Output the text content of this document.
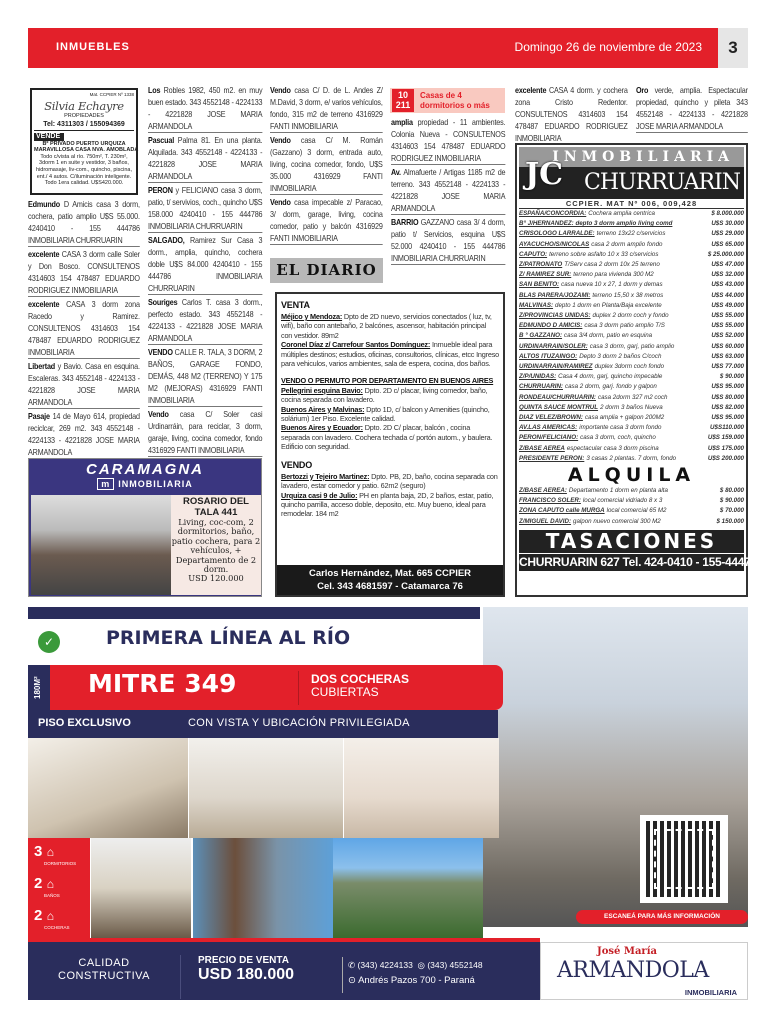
INMUEBLES	Domingo 26 de noviembre de 2023	3
Mat. CCPIER Nº 1338
Silvia Echayre
PROPIEDADES
Tel: 4311303 / 155094369
VENDE
Bº PRIVADO PUERTO URQUIZA
MARAVILLOSA CASA NVA. AMOBLADA
Todo c/vista al río. 750m², T. 230m², 3dorm 1 en suite y vestidor, 3 baños, hidromasaje, liv-com., quincho, piscina, ent./ 4 autos. C/iluminación inteligente. Todo 1era calidad. U$S420.000.
Edmundo D Amicis casa 3 dorm, cochera, patio amplio U$S 55.000. 4240410 - 155 444786 INMOBILIARIA CHURRUARIN
excelente CASA 3 dorm calle Soler y Don Bosco. CONSULTENOS 4314603 154 478487 EDUARDO RODRIGUEZ INMOBILIARIA
excelente CASA 3 dorm zona Racedo y Ramirez. CONSULTENOS 4314603 154 478487 EDUARDO RODRIGUEZ INMOBILIARIA
Libertad y Bavio. Casa en esquina. Escaleras. 343 4552148 - 4224133 - 4221828 JOSE MARIA ARMANDOLA
Pasaje 14 de Mayo 614, propiedad reciclcar, 269 m2. 343 4552148 - 4224133 - 4221828 JOSE MARIA ARMANDOLA
Los Robles 1982, 450 m2. en muy buen estado. 343 4552148 - 4224133 - 4221828 JOSE MARIA ARMANDOLA
Pascual Palma 81. En una planta. Alquilada. 343 4552148 - 4224133 - 4221828 JOSE MARIA ARMANDOLA
PERON y FELICIANO casa 3 dorm, patio, t/ servivios, coch., quincho U$S 158.000 4240410 - 155 444786 INMOBILIARIA CHURRUARIN
SALGADO, Ramirez Sur Casa 3 dorm., amplia, quincho, cochera doble U$S 84.000 4240410 - 155 444786 INMOBILIARIA CHURRUARIN
Souriges Carlos T. casa 3 dorm., perfecto estado. 343 4552148 - 4224133 - 4221828 JOSE MARIA ARMANDOLA
VENDO CALLE R. TALA, 3 DORM, 2 BAÑOS, GARAGE FONDO, DEMÁS, 448 M2 (TERRENO) Y 175 M2 (MEJORAS) 4316929 FANTI INMOBILIARIA
Vendo casa C/ Soler casi Urdinarráin, para reciclar, 3 dorm, garaje, living, cocina comedor, fondo 4316929 FANTI INMOBILIARIA
Vendo casa C/ D. de L. Andes Z/ M.David, 3 dorm, e/ varios vehículos, fondo, 315 m2 de terreno 4316929 FANTI INMOBILIARIA
Vendo casa C/ M. Román (Gazzano) 3 dorm, entrada auto, living, cocina comedor, fondo, U$S 35.000 4316929 FANTI INMOBILIARIA
Vendo casa impecable z/ Paracao, 3/ dorm, garage, living, cocina comedor, patio y balcón 4316929 FANTI INMOBILIARIA
amplia propiedad - 11 ambientes. Colonia Nueva - CONSULTENOS 4314603 154 478487 EDUARDO RODRIGUEZ INMOBILIARIA
Av. Almafuerte / Artigas 1185 m2 de terreno. 343 4552148 - 4224133 - 4221828 JOSE MARIA ARMANDOLA
BARRIO GAZZANO casa 3/ 4 dorm, patio t/ Servicios, esquina U$S 52.000 4240410 - 155 444786 INMOBILIARIA CHURRUARIN
excelente CASA 4 dorm. y cochera zona Cristo Redentor. CONSULTENOS 4314603 154 478487 EDUARDO RODRIGUEZ INMOBILIARIA
Oro verde, amplia. Espectacular propiedad, quincho y pileta 343 4552148 - 4224133 - 4221828 JOSE MARIA ARMANDOLA
10
211
Casas de 4 dormitorios o más
EL DIARIO
CARAMAGNA
m INMOBILIARIA
ROSARIO DEL TALA 441
Living, coc-com, 2 dormitorios, baño, patio cochera, para 2 vehículos, + Departamento de 2 dorm.
USD 120.000
VENTA
Méjico y Mendoza: Dpto de 2D nuevo, servicios conectados ( luz, tv, wifi), baño con antebaño, 2 balcónes, ascensor, habitación principal con vestidor. 89m2
Coronel Díaz z/ Carrefour Santos Domínguez: Inmueble ideal para múltiples destinos; estudios, oficinas, consultorios, clínicas, etcc Ingreso para vehiculos, varios ambientes, sala de espera, cocina, dos baños.
VENDO O PERMUTO POR DEPARTAMENTO EN BUENOS AIRES
Pellegrini esquina Bavio: Dpto. 2D c/ placar, living comedor, baño, cocina separada con lavadero.
Buenos Aires y Malvinas: Dpto 1D, c/ balcon y Amenities (quincho, solárium) 1er Piso. Excelente calidad.
Buenos Aires y Ecuador: Dpto. 2D C/ placar, balcón , cocina separada con lavadero. Cochera techada c/ portón autom., y baulera. Edificio con seguridad.
VENDO
Bertozzi y Tejeiro Martinez: Dpto. PB, 2D, baño, cocina separada con lavadero, estar comedor y patio. 62m2 (seguro)
Urquiza casi 9 de Julio: PH en planta baja, 2D, 2 baños, estar, patio, quincho parrilla, acceso doble, deposito, etc. Muy bueno, ideal para remodelar. 184 m2
Carlos Hernández, Mat. 665 CCPIER
Cel. 343 4681597 - Catamarca 76
INMOBILIARIA
CHURRUARIN
JC
CCPIER. MAT Nº 006, 009,428
ESPAÑA/CONCORDIA: Cochera amplia centrica	$ 8.000.000
B° J/HERNANDEZ: depto 3 dorm amplio living comd	U$S 30.000
CRISOLOGO LARRALDE: terreno 13x22 c/servicios	U$S 29.000
AYACUCHO/S/NICOLAS casa 2 dorm amplio fondo	U$S 65.000
CAPUTO: terreno sobre asfalto 10 x 33 c/servicios	$ 25.000.000
Z/PATRONATO T/Serv casa 2 dorm 10x 25 terreno	U$S 47.000
Z/ RAMIREZ SUR: terreno para vivienda 300 M2	U$S 32.000
SAN BENITO: casa nueva 10 x 27, 1 dorm y demas	U$S 43.000
BLAS PARERA/JOZAMI: terreno 15,50 x 38 metros	U$S 44.000
MALVINAS: depto 1 dorm en Planta/Baja excelente	U$S 49.000
Z/PROVINCIAS UNIDAS: duplex 2 dorm coch y fondo	U$S 55.000
EDMUNDO D AMICIS: casa 3 dorm patio amplio T/S	U$S 55.000
B ° GAZZANO: casa 3/4 dorm, patio en esquina	U$S 52.000
URDINARRAIN/SOLER: casa 3 dorm, garj, patio amplio	U$S 60.000
ALTOS ITUZAINGO: Depto 3 dorm 2 baños C/coch	U$S 63.000
URDINARRAIN/RAMIREZ duplex 3dorm coch fondo	U$S 77.000
Z/P/UNIDAS: Casa 4 dorm, garj, quincho impecable	$ 90.000
CHURRUARIN: casa 2 dorm, garj. fondo y galpon	U$S 95.000
RONDEAU/CHURRUARIN: casa 2dorm 327 m2 coch	U$S 80.000
QUINTA SAUCE MONTRUL 2 dorm 3 baños Nueva	U$S 82.000
DIAZ VELEZ/BROWN: casa amplia + galpon 200M2	U$S 95.000
AV.LAS AMERICAS: importante casa 3 dorm fondo	U$S110.000
PERON/FELICIANO: casa 3 dorm, coch, quincho	U$S 159.000
Z/BASE AEREA espectacular casa 3 dorm piscina	U$S 175.000
PRESIDENTE PERON: 3 casas 2 plantas. 7 dorm, fondo	U$S 200.000
ALQUILA
Z/BASE AEREA: Departamento 1 dorm en planta alta	$ 80.000
FRANCISCO SOLER: local comercial vidriado 8 x 3	$ 90.000
ZONA CAPUTO calle MURGA local comercial 65 M2	$ 70.000
Z/MIGUEL DAVID: galpon nuevo comercial 300 M2	$ 150.000
TASACIONES
CHURRUARIN 627 Tel. 424-0410 - 155-444786
✓	PRIMERA LÍNEA AL RÍO
180M² MITRE 349	DOS COCHERAS
CUBIERTAS
PISO EXCLUSIVO	CON VISTA Y UBICACIÓN PRIVILEGIADA
3 ⌂
DORMITORIOS
2 ⌂
BAÑOS
2 ⌂
COCHERAS
ESCANEÁ PARA MÁS INFORMACIÓN
CALIDAD
CONSTRUCTIVA
PRECIO DE VENTA
USD 180.000
✆ (343) 4224133 ◎ (343) 4552148
⊙ Andrés Pazos 700 - Paraná
José María
ARMANDOLA
INMOBILIARIA
